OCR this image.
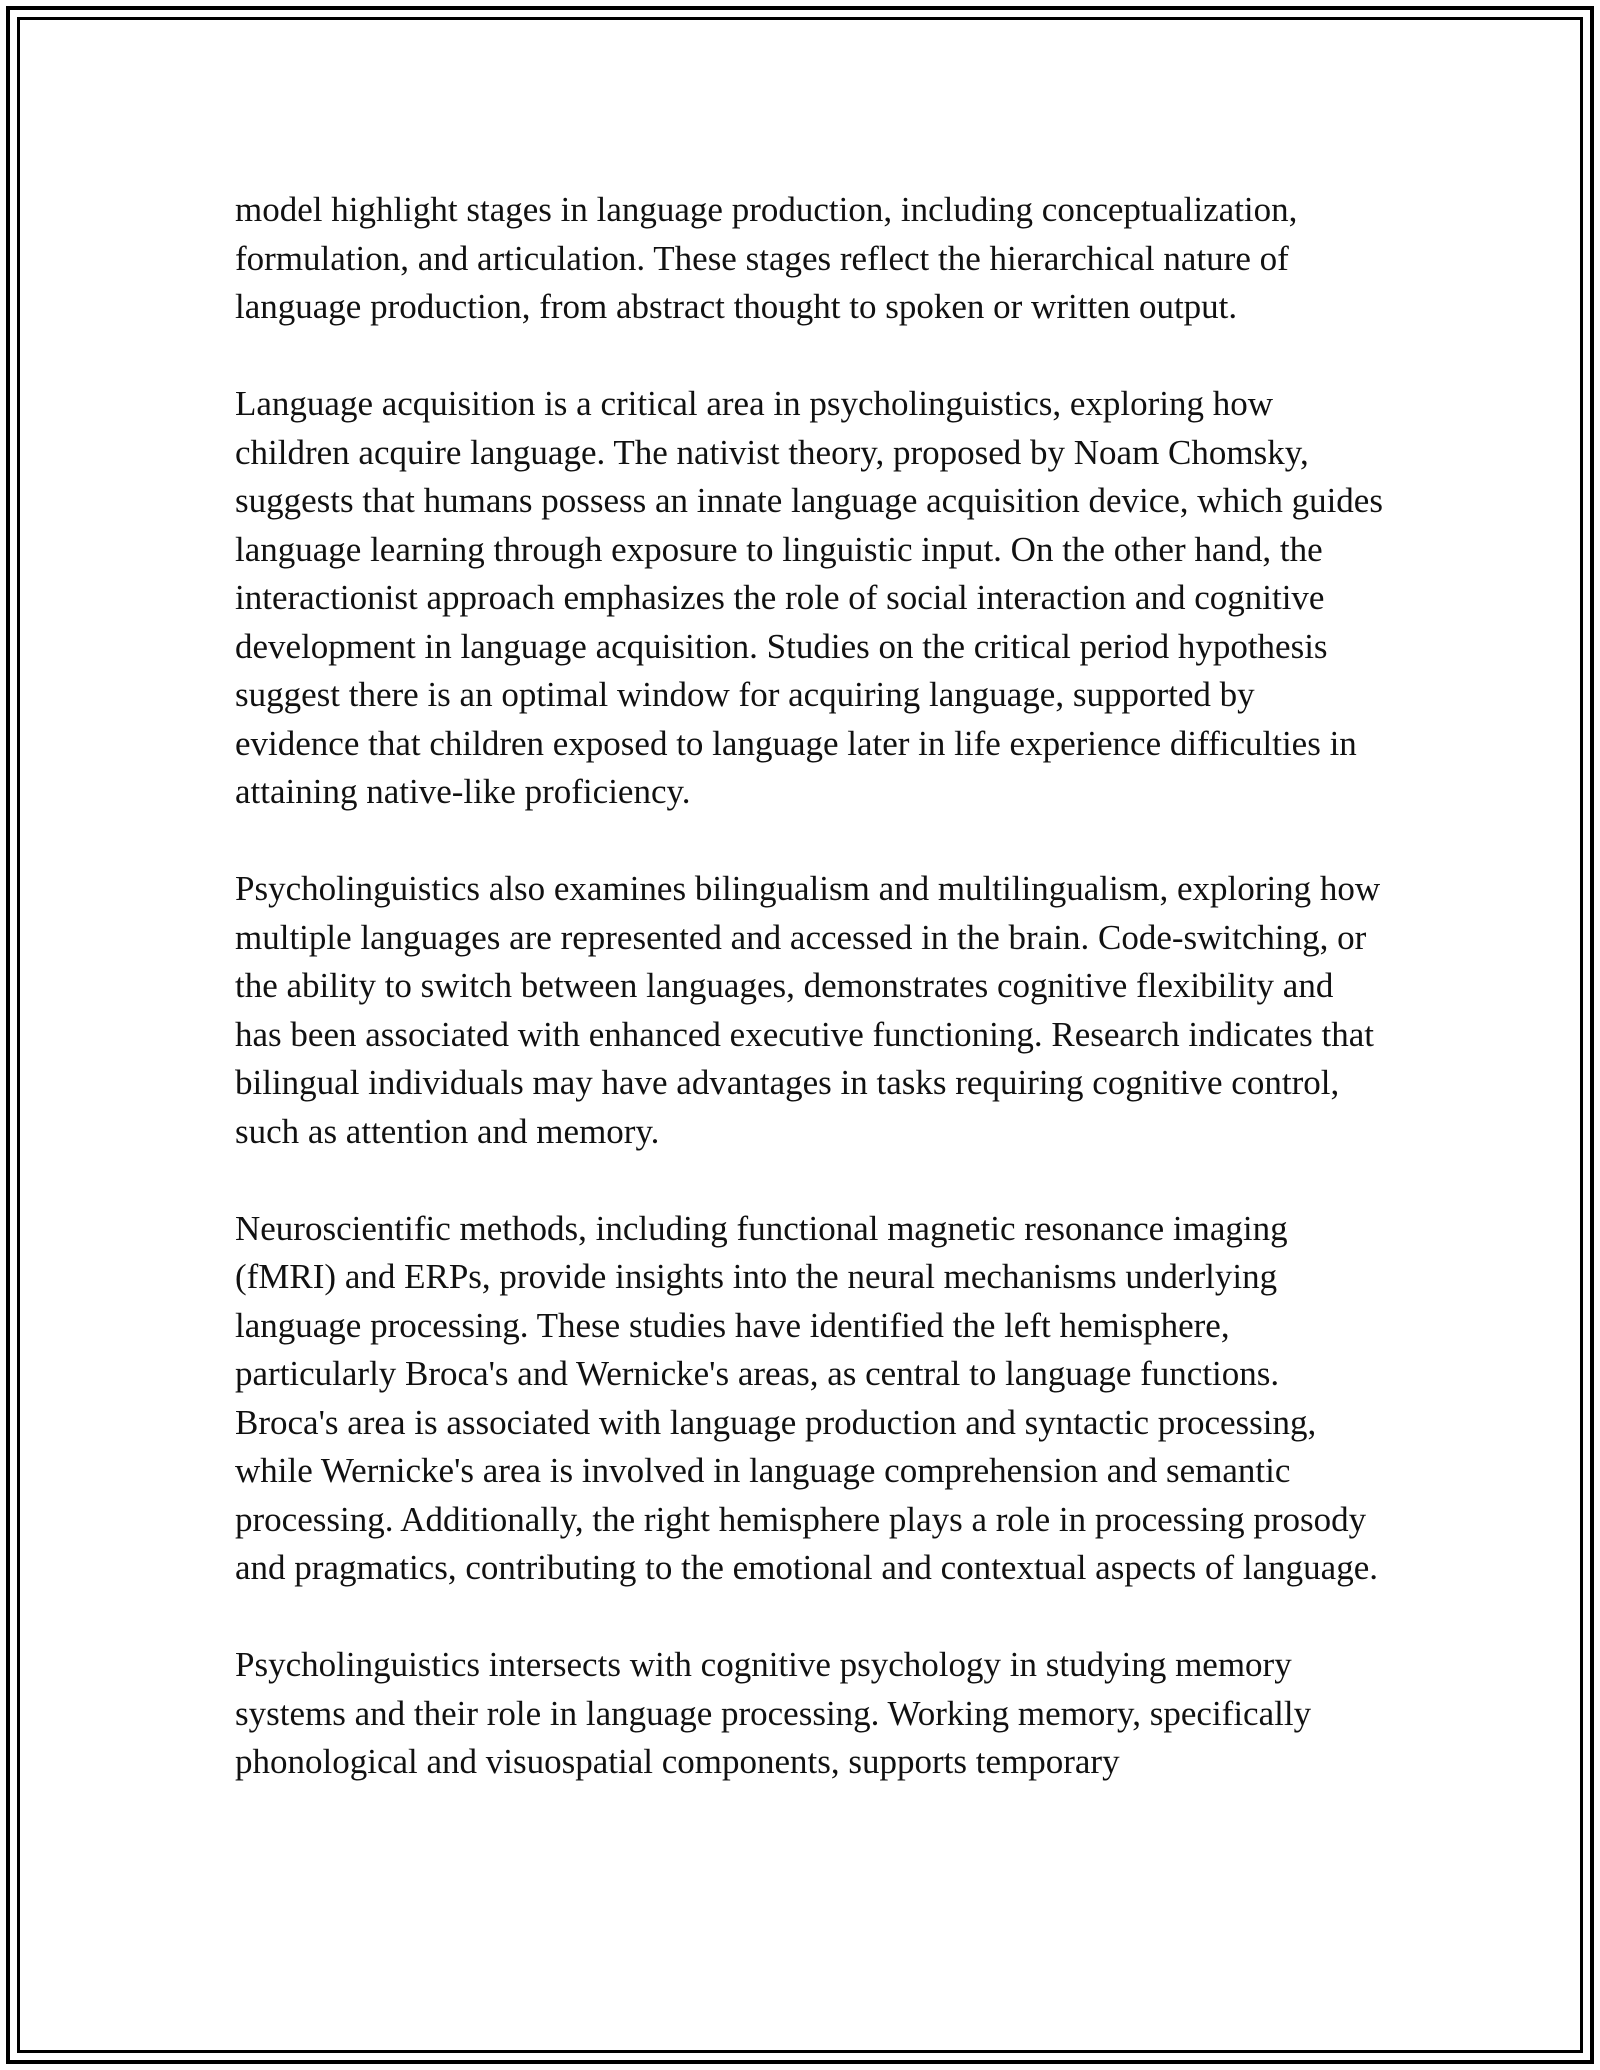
model highlight stages in language production, including conceptualization, formulation, and articulation. These stages reflect the hierarchical nature of language production, from abstract thought to spoken or written output.

Language acquisition is a critical area in psycholinguistics, exploring how children acquire language. The nativist theory, proposed by Noam Chomsky, suggests that humans possess an innate language acquisition device, which guides language learning through exposure to linguistic input. On the other hand, the interactionist approach emphasizes the role of social interaction and cognitive development in language acquisition. Studies on the critical period hypothesis suggest there is an optimal window for acquiring language, supported by evidence that children exposed to language later in life experience difficulties in attaining native-like proficiency.

Psycholinguistics also examines bilingualism and multilingualism, exploring how multiple languages are represented and accessed in the brain. Code-switching, or the ability to switch between languages, demonstrates cognitive flexibility and has been associated with enhanced executive functioning. Research indicates that bilingual individuals may have advantages in tasks requiring cognitive control, such as attention and memory.

Neuroscientific methods, including functional magnetic resonance imaging (fMRI) and ERPs, provide insights into the neural mechanisms underlying language processing. These studies have identified the left hemisphere, particularly Broca's and Wernicke's areas, as central to language functions. Broca's area is associated with language production and syntactic processing, while Wernicke's area is involved in language comprehension and semantic processing. Additionally, the right hemisphere plays a role in processing prosody and pragmatics, contributing to the emotional and contextual aspects of language.

Psycholinguistics intersects with cognitive psychology in studying memory systems and their role in language processing. Working memory, specifically phonological and visuospatial components, supports temporary
